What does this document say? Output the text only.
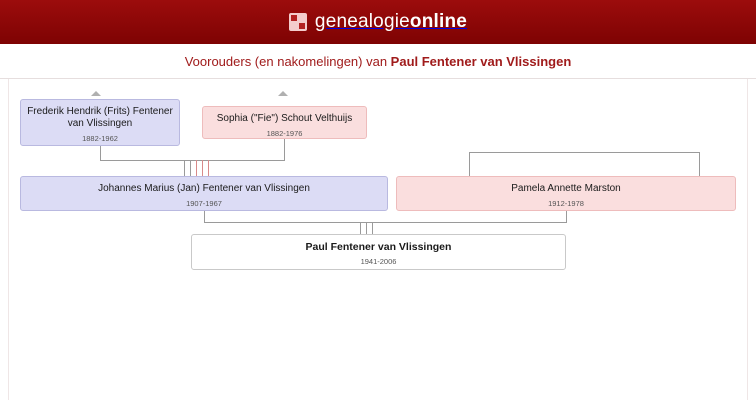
genealogieonline
Voorouders (en nakomelingen) van Paul Fentener van Vlissingen
Frederik Hendrik (Frits) Fentener van Vlissingen
1882-1962
Sophia ("Fie") Schout Velthuijs
1882-1976
Johannes Marius (Jan) Fentener van Vlissingen
1907-1967
Pamela Annette Marston
1912-1978
Paul Fentener van Vlissingen
1941-2006
